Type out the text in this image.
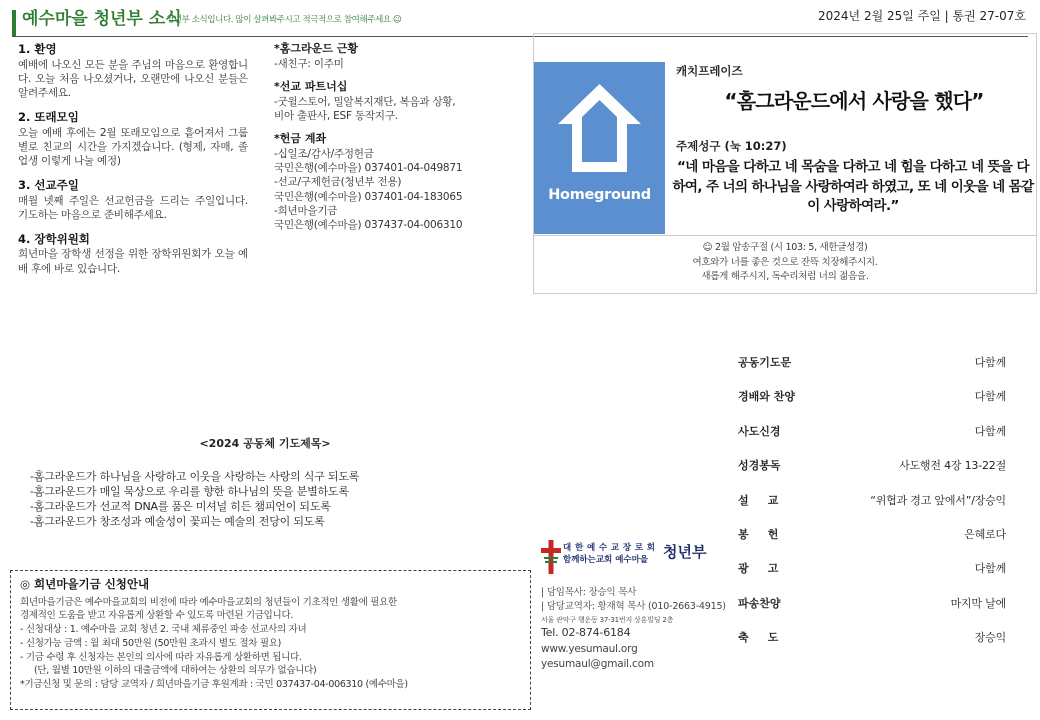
예수마을 청년부 소식
청년부 소식입니다. 많이 살펴봐주시고 적극적으로 참여해주세요 ☺	2024년 2월 25일 주일 | 통권 27-07호
1. 환영
예배에 나오신 모든 분을 주님의 마음으로 환영합니다. 오늘 처음 나오셨거나, 오랜만에 나오신 분들은 알려주세요.
2. 또래모임
오늘 예배 후에는 2월 또래모임으로 흩어져서 그룹별로 친교의 시간을 가지겠습니다. (형제, 자매, 졸업생 이렇게 나눌 예정)
3. 선교주일
매월 넷째 주일은 선교헌금을 드리는 주일입니다. 기도하는 마음으로 준비해주세요.
4. 장학위원회
희년마을 장학생 선정을 위한 장학위원회가 오늘 예배 후에 바로 있습니다.
*홈그라운드 근황
-새친구: 이주미
*선교 파트너십
-굿윌스토어, 밀알복지재단, 복음과 상황,
비아 출판사, ESF 동작지구.
*헌금 계좌
-십일조/감사/주정헌금
국민은행(예수마을) 037401-04-049871
-선교/구제헌금(청년부 전용)
국민은행(예수마을) 037401-04-183065
-희년마을기금
국민은행(예수마을) 037437-04-006310
Homeground
캐치프레이즈
“홈그라운드에서 사랑을 했다”
주제성구 (눅 10:27)
“네 마음을 다하고 네 목숨을 다하고 네 힘을 다하고 네 뜻을 다하여, 주 너의 하나님을 사랑하여라 하였고, 또 네 이웃을 네 몸같이 사랑하여라.”
☺ 2월 암송구절 (시 103: 5, 새한글성경)
여호와가 너를 좋은 것으로 잔뜩 치장해주시지.
새롭게 해주시지, 독수리처럼 너의 젊음을.
<2024 공동체 기도제목>
-홈그라운드가 하나님을 사랑하고 이웃을 사랑하는 사랑의 식구 되도록
-홈그라운드가 매일 묵상으로 우리를 향한 하나님의 뜻을 분별하도록
-홈그라운드가 선교적 DNA를 품은 미셔널 히든 챔피언이 되도록
-홈그라운드가 창조성과 예술성이 꽃피는 예술의 전당이 되도록
◎ 희년마을기금 신청안내
희년마을기금은 예수마을교회의 비전에 따라 예수마을교회의 청년들이 기초적인 생활에 필요한
경제적인 도움을 받고 자유롭게 상환할 수 있도록 마련된 기금입니다.
- 신청대상 : 1. 예수마을 교회 청년 2. 국내 체류중인 파송 선교사의 자녀
- 신청가능 금액 : 월 최대 50만원 (50만원 초과시 별도 절차 필요)
- 기금 수령 후 신청자는 본인의 의사에 따라 자유롭게 상환하면 됩니다.
(단, 월별 10만원 이하의 대출금액에 대하여는 상환의 의무가 없습니다)
*기금신청 및 문의 : 담당 교역자 / 희년마을기금 후원계좌 : 국민 037437-04-006310 (예수마을)
대 한 예 수 교 장 로 회
함께하는교회 예수마을 청년부
| 담임목사: 장승익 목사
| 담당교역자: 황재혁 목사 (010-2663-4915)
서울 관악구 행운동 37-31번지 상훈빌딩 2층
Tel. 02-874-6184
www.yesumaul.org
yesumaul@gmail.com
공동기도문	다함께
경배와 찬양	다함께
사도신경	다함께
성경봉독	사도행전 4장 13-22절
설     교	“위협과 경고 앞에서”/장승익
봉     헌	은혜로다
광     고	다함께
파송찬양	마지막 날에
축     도	장승익
